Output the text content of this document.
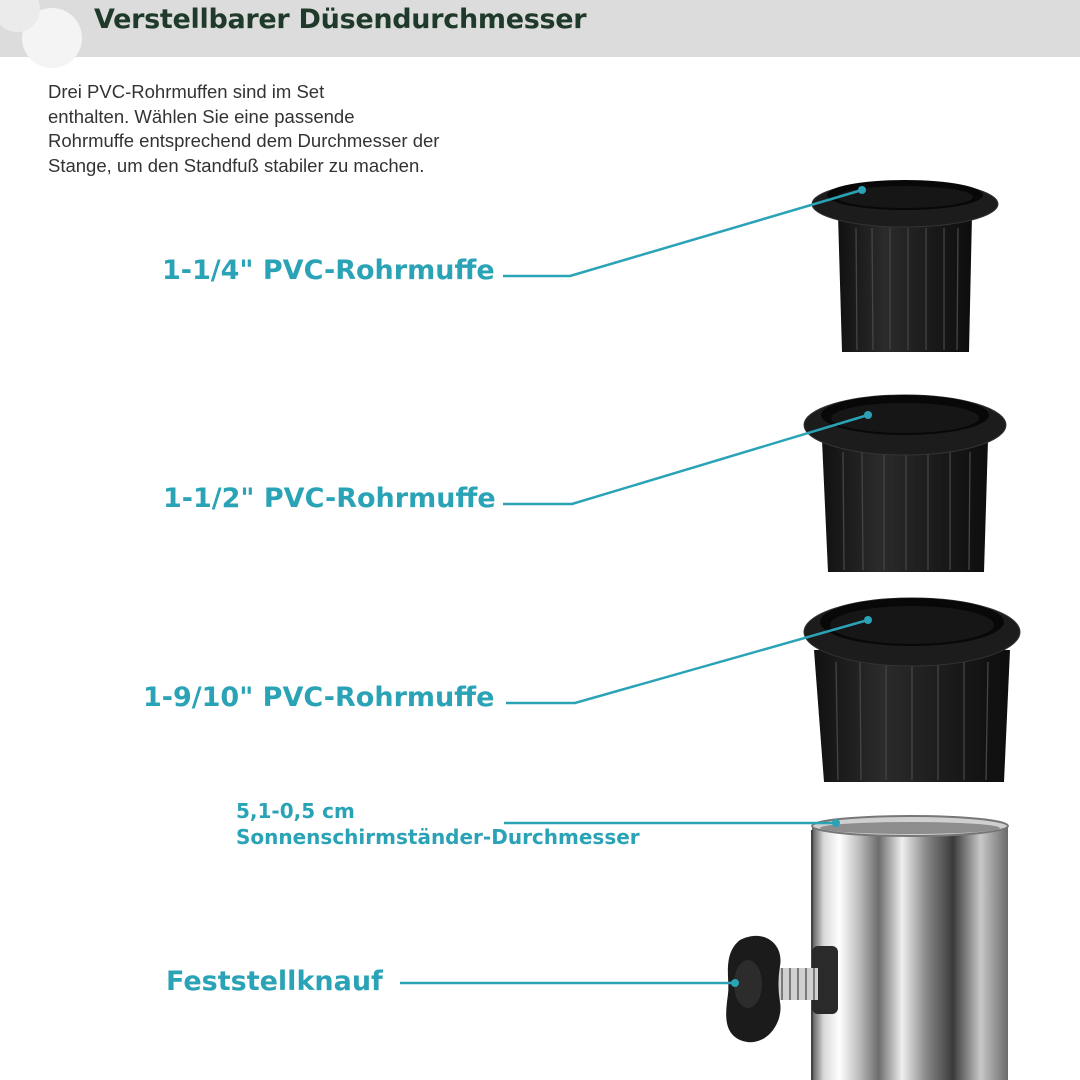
Verstellbarer Düsendurchmesser
Drei PVC-Rohrmuffen sind im Set
enthalten. Wählen Sie eine passende
Rohrmuffe entsprechend dem Durchmesser der
Stange, um den Standfuß stabiler zu machen.
1-1/4" PVC-Rohrmuffe
1-1/2" PVC-Rohrmuffe
1-9/10" PVC-Rohrmuffe
5,1-0,5 cm
Sonnenschirmständer-Durchmesser
Feststellknauf
